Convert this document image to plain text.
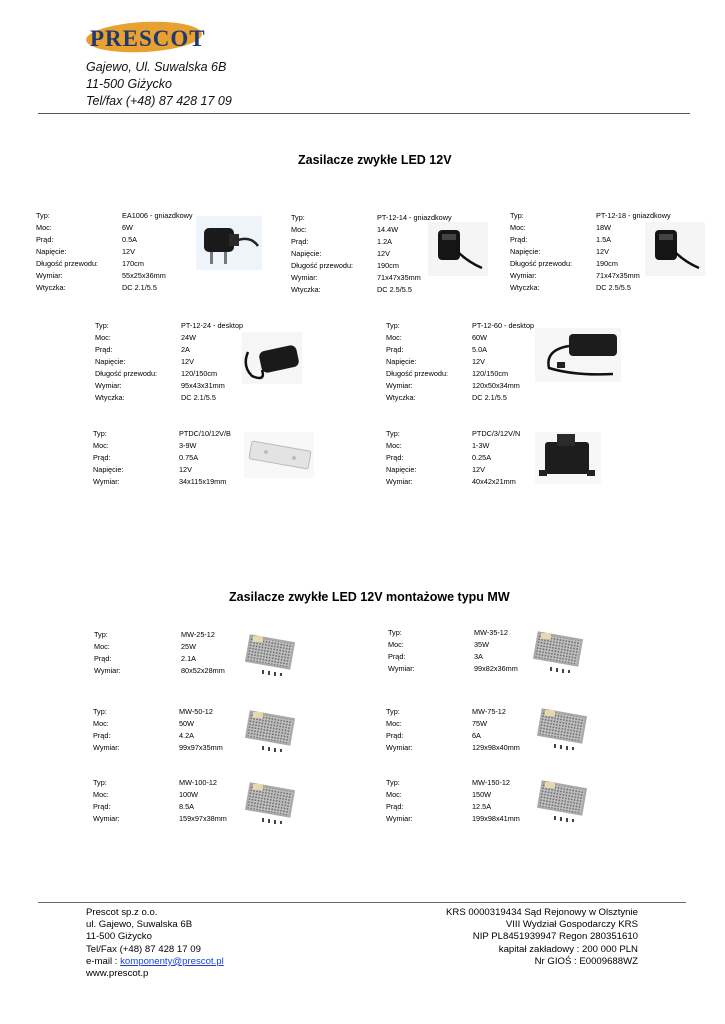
PRESCOT
Gajewo, Ul. Suwalska 6B
11-500 Giżycko
Tel/fax (+48) 87 428 17 09
Zasilacze zwykłe LED 12V
Zasilacze zwykłe LED 12V montażowe typu MW
Typ:	EA1006 - gniazdkowy
Moc:	6W
Prąd:	0.5A
Napięcie:	12V
Długość przewodu:	170cm
Wymiar:	55x25x36mm
Wtyczka:	DC 2.1/5.5
Typ:	PT-12-14 - gniazdkowy
Moc:	14.4W
Prąd:	1.2A
Napięcie:	12V
Długość przewodu:	190cm
Wymiar:	71x47x35mm
Wtyczka:	DC 2.5/5.5
Typ:	PT-12-18 - gniazdkowy
Moc:	18W
Prąd:	1.5A
Napięcie:	12V
Długość przewodu:	190cm
Wymiar:	71x47x35mm
Wtyczka:	DC 2.5/5.5
Typ:	PT-12-24 - desktop
Moc:	24W
Prąd:	2A
Napięcie:	12V
Długość przewodu:	120/150cm
Wymiar:	95x43x31mm
Wtyczka:	DC 2.1/5.5
Typ:	PT-12-60 - desktop
Moc:	60W
Prąd:	5.0A
Napięcie:	12V
Długość przewodu:	120/150cm
Wymiar:	120x50x34mm
Wtyczka:	DC 2.1/5.5
Typ:	PTDC/10/12V/B
Moc:	3-9W
Prąd:	0.75A
Napięcie:	12V
Wymiar:	34x115x19mm
Typ:	PTDC/3/12V/N
Moc:	1-3W
Prąd:	0.25A
Napięcie:	12V
Wymiar:	40x42x21mm
Typ:	MW-25-12
Moc:	25W
Prąd:	2.1A
Wymiar:	80x52x28mm
Typ:	MW-35-12
Moc:	35W
Prąd:	3A
Wymiar:	99x82x36mm
Typ:	MW-50-12
Moc:	50W
Prąd:	4.2A
Wymiar:	99x97x35mm
Typ:	MW-75-12
Moc:	75W
Prąd:	6A
Wymiar:	129x98x40mm
Typ:	MW-100-12
Moc:	100W
Prąd:	8.5A
Wymiar:	159x97x38mm
Typ:	MW-150-12
Moc:	150W
Prąd:	12.5A
Wymiar:	199x98x41mm
Prescot sp.z o.o.
ul. Gajewo, Suwalska 6B
11-500 Giżycko
Tel/Fax (+48) 87 428 17 09
e-mail : komponenty@prescot.pl
www.prescot.p
KRS 0000319434 Sąd Rejonowy w Olsztynie
VIII Wydział Gospodarczy KRS
NIP PL8451939947 Regon 280351610
kapitał zakładowy : 200 000 PLN
Nr GIOŚ : E0009688WZ
